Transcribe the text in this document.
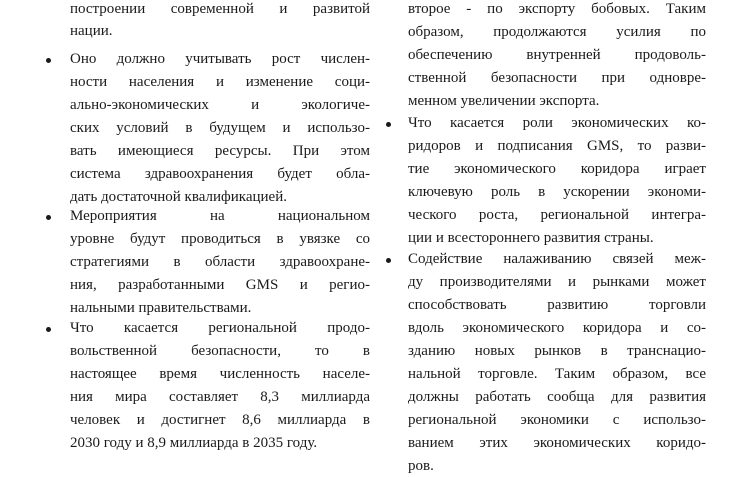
построении современной и развитой
нации.
Оно должно учитывать рост числен-
ности населения и изменение соци-
ально-экономических и экологиче-
ских условий в будущем и использо-
вать имеющиеся ресурсы. При этом
система здравоохранения будет обла-
дать достаточной квалификацией.
Мероприятия на национальном
уровне будут проводиться в увязке со
стратегиями в области здравоохране-
ния, разработанными GMS и регио-
нальными правительствами.
Что касается региональной продо-
вольственной безопасности, то в
настоящее время численность населе-
ния мира составляет 8,3 миллиарда
человек и достигнет 8,6 миллиарда в
2030 году и 8,9 миллиарда в 2035 году.
второе - по экспорту бобовых. Таким
образом, продолжаются усилия по
обеспечению внутренней продоволь-
ственной безопасности при одновре-
менном увеличении экспорта.
Что касается роли экономических ко-
ридоров и подписания GMS, то разви-
тие экономического коридора играет
ключевую роль в ускорении экономи-
ческого роста, региональной интегра-
ции и всестороннего развития страны.
Содействие налаживанию связей меж-
ду производителями и рынками может
способствовать развитию торговли
вдоль экономического коридора и со-
зданию новых рынков в транснацио-
нальной торговле. Таким образом, все
должны работать сообща для развития
региональной экономики с использо-
ванием этих экономических коридо-
ров.
